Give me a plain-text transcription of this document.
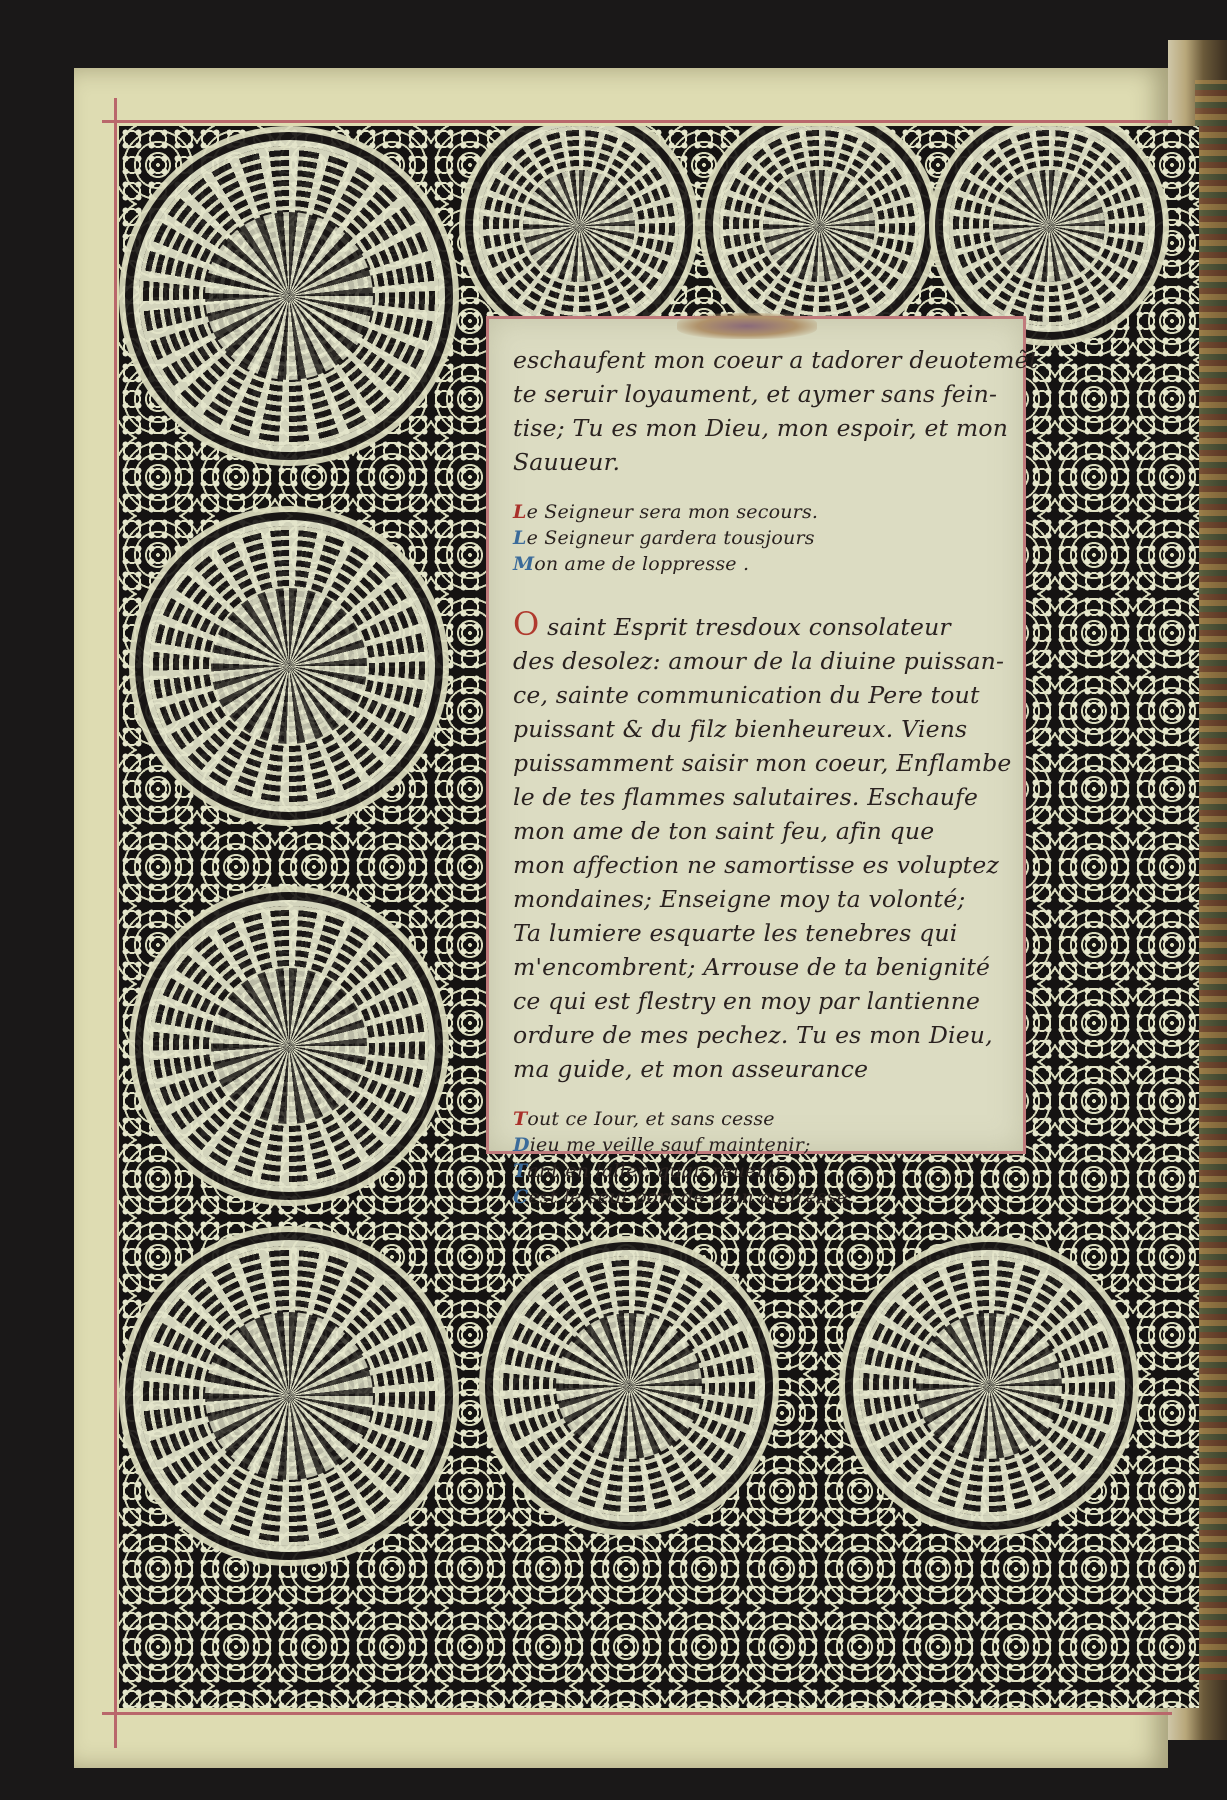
eschaufent mon coeur a tadorer deuotemẽt
te seruir loyaument, et aymer sans fein-
tise; Tu es mon Dieu, mon espoir, et mon
Sauueur.
Le Seigneur sera mon secours.
Le Seigneur gardera tousjours
Mon ame de loppresse .
O saint Esprit tresdoux consolateur
des desolez: amour de la diuine puissan-
ce, sainte communication du Pere tout
puissant & du filz bienheureux. Viens
puissamment saisir mon coeur, Enflambe
le de tes flammes salutaires. Eschaufe
mon ame de ton saint feu, afin que
mon affection ne samortisse es voluptez
mondaines; Enseigne moy ta volonté;
Ta lumiere esquarte les tenebres qui
m'encombrent; Arrouse de ta benignité
ce qui est flestry en moy par lantienne
ordure de mes pechez. Tu es mon Dieu,
ma guide, et mon asseurance
Tout ce Iour, et sans cesse
Dieu me veille sauf maintenir;
Tant en laller, quau reuenir
Cest le seul port de mon addresse.
